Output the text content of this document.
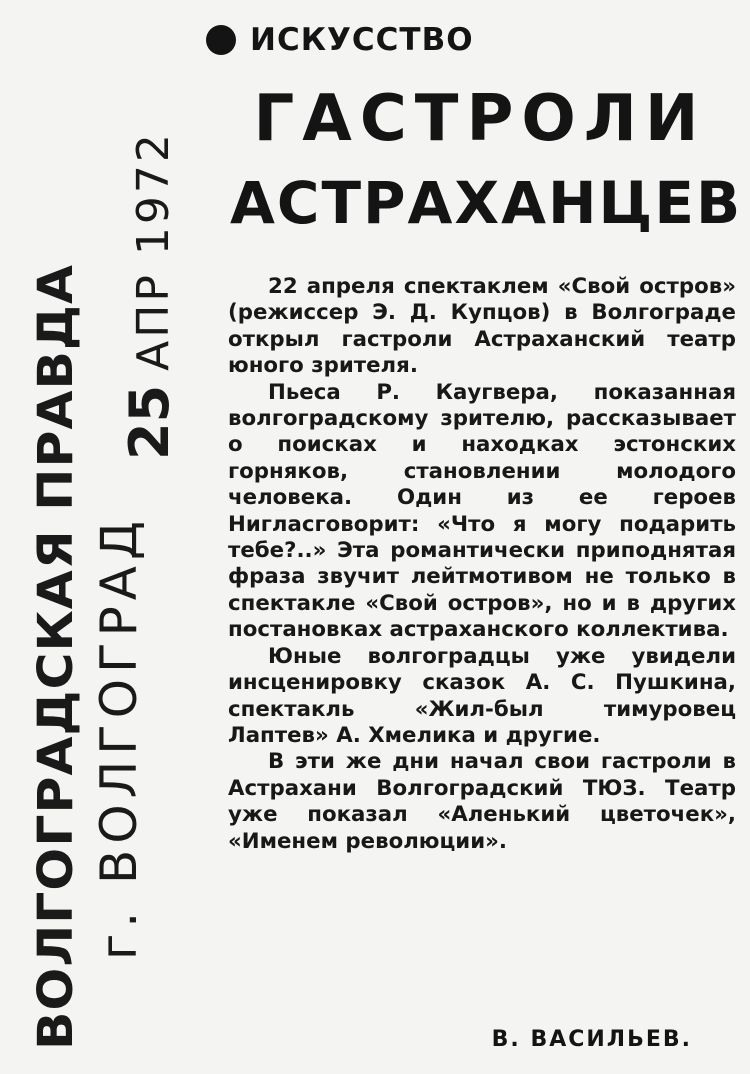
ИСКУССТВО
ГАСТРОЛИ
АСТРАХАНЦЕВ

22 апреля спектаклем «Свой остров» (режиссер Э. Д. Купцов) в Волгограде открыл гастроли Астраханский театр юного зрителя.

Пьеса Р. Каугвера, показанная волгоградскому зрителю, рассказывает о поисках и находках эстонских горняков, становлении молодого человека. Один из ее героев Нигласговорит: «Что я могу подарить тебе?..» Эта романтически приподнятая фраза звучит лейтмотивом не только в спектакле «Свой остров», но и в других постановках астраханского коллектива.

Юные волгоградцы уже увидели инсценировку сказок А. С. Пушкина, спектакль «Жил-был тимуровец Лаптев» А. Хмелика и другие.

В эти же дни начал свои гастроли в Астрахани Волгоградский ТЮЗ. Театр уже показал «Аленький цветочек», «Именем революции».

В. ВАСИЛЬЕВ.
ВОЛГОГРАДСКАЯ ПРАВДА г. ВОЛГОГРАД
25
АПР 1972
